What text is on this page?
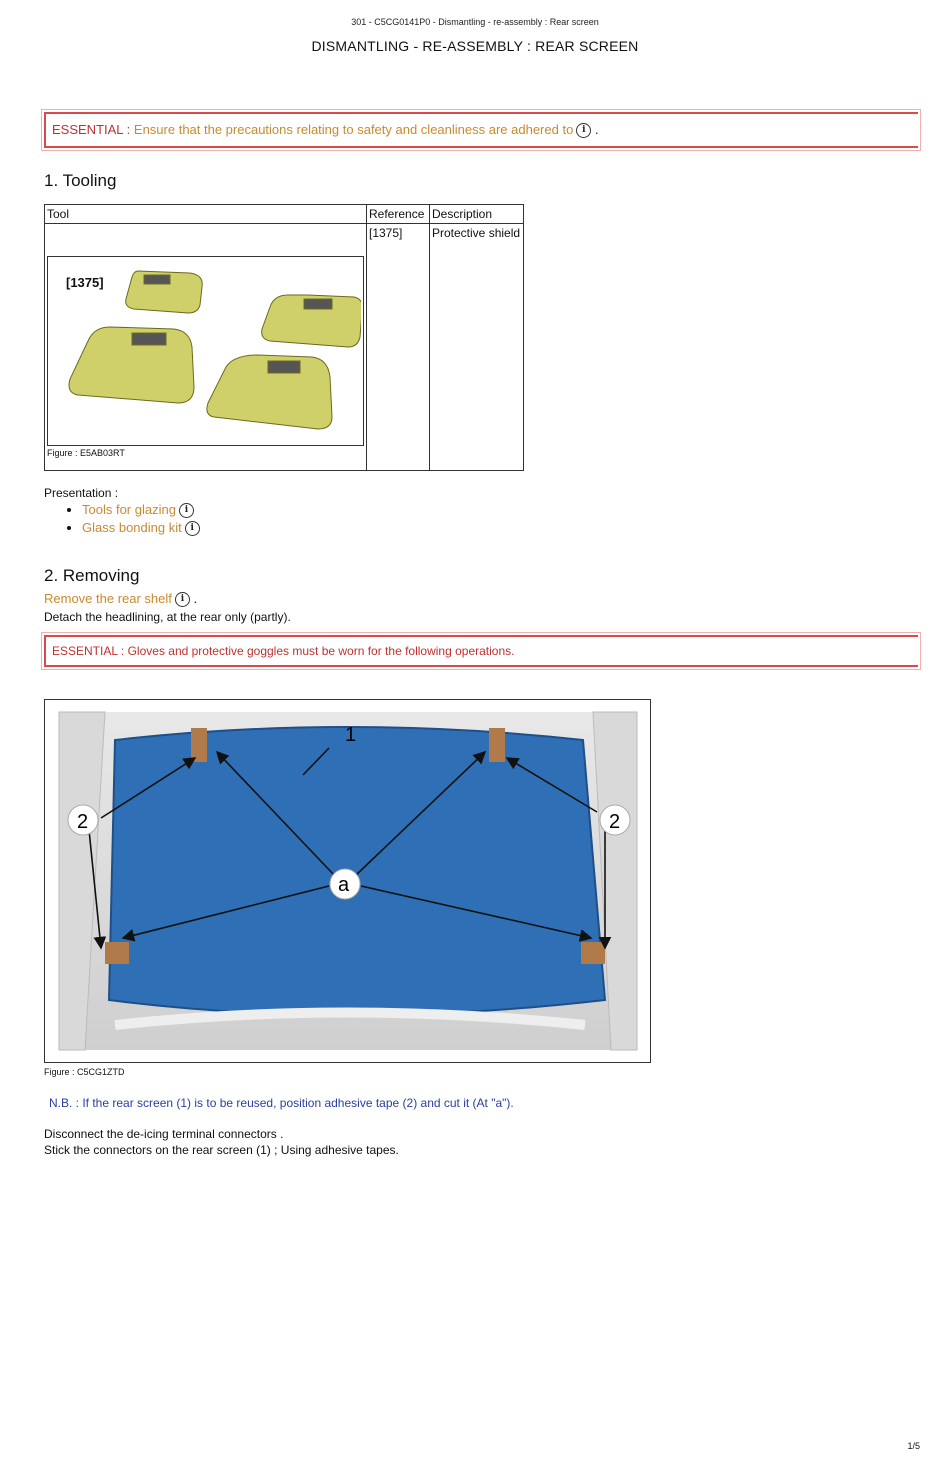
301 - C5CG0141P0 - Dismantling - re-assembly : Rear screen
DISMANTLING - RE-ASSEMBLY : REAR SCREEN
ESSENTIAL : Ensure that the precautions relating to safety and cleanliness are adhered to i .
1. Tooling
Tool	Reference	Description

[1375]
Figure : E5AB03RT	[1375]	Protective shield
Presentation :
• Tools for glazing i
• Glass bonding kit i
2. Removing
Remove the rear shelf i .
Detach the headlining, at the rear only (partly).
ESSENTIAL : Gloves and protective goggles must be worn for the following operations.
1
2	2
a
Figure : C5CG1ZTD
N.B. : If the rear screen (1) is to be reused, position adhesive tape (2) and cut it (At "a").
Disconnect the de-icing terminal connectors .
Stick the connectors on the rear screen (1) ; Using adhesive tapes.
1/5
